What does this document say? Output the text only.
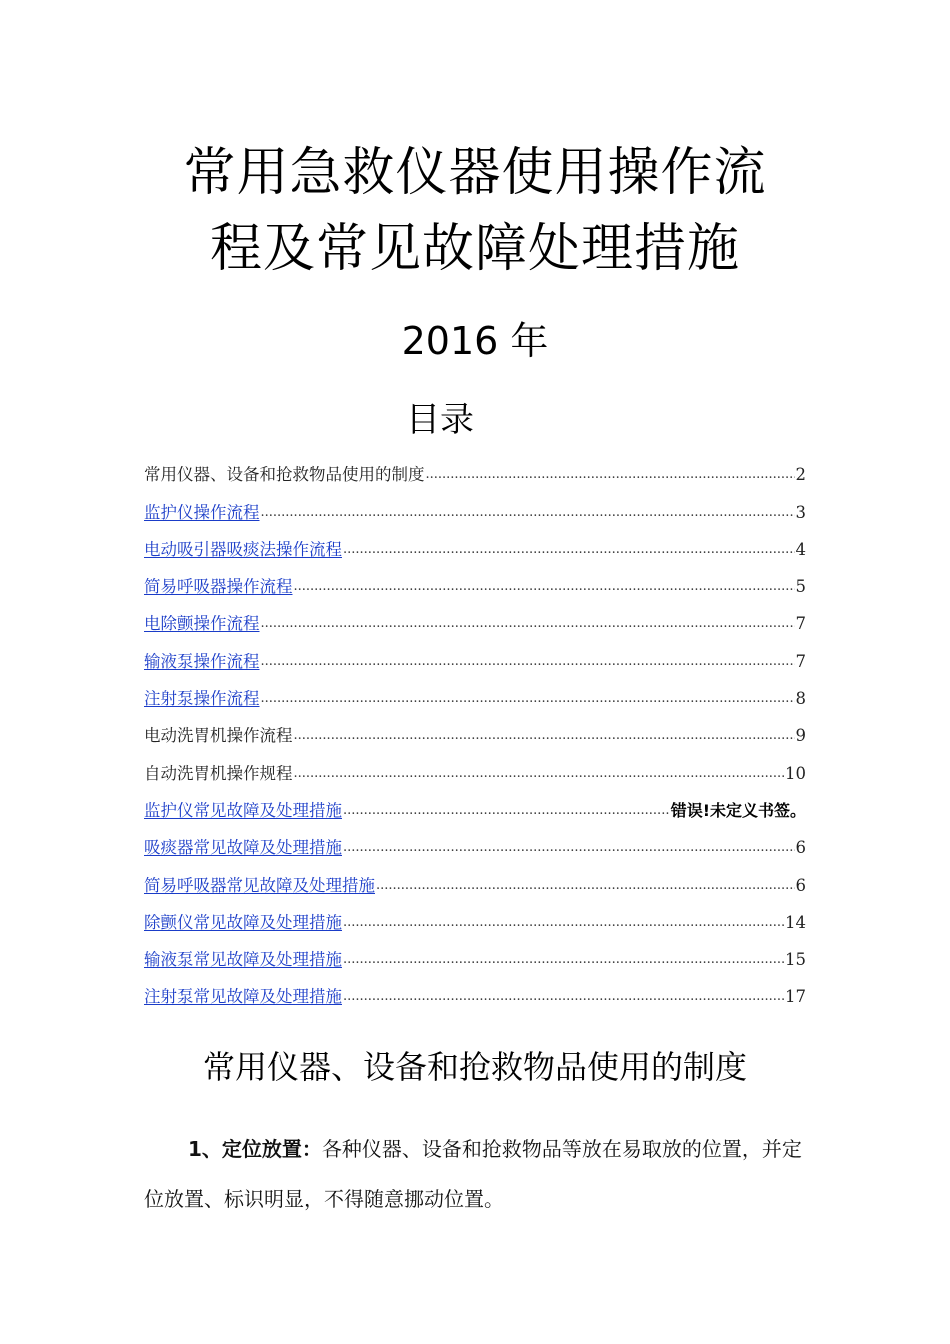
常用急救仪器使用操作流
程及常见故障处理措施
2016 年
目录
常用仪器、设备和抢救物品使用的制度 .....	2
监护仪操作流程 .....	3
电动吸引器吸痰法操作流程 .....	4
简易呼吸器操作流程 .....	5
电除颤操作流程 .....	7
输液泵操作流程 .....	7
注射泵操作流程 .....	8
电动洗胃机操作流程 .....	9
自动洗胃机操作规程 .....	10
监护仪常见故障及处理措施 .....	错误!未定义书签。
吸痰器常见故障及处理措施 .....	6
简易呼吸器常见故障及处理措施 .....	6
除颤仪常见故障及处理措施 .....	14
输液泵常见故障及处理措施 .....	15
注射泵常见故障及处理措施 .....	17
常用仪器、设备和抢救物品使用的制度

1、定位放置：各种仪器、设备和抢救物品等放在易取放的位置，并定位放置、标识明显，不得随意挪动位置。
